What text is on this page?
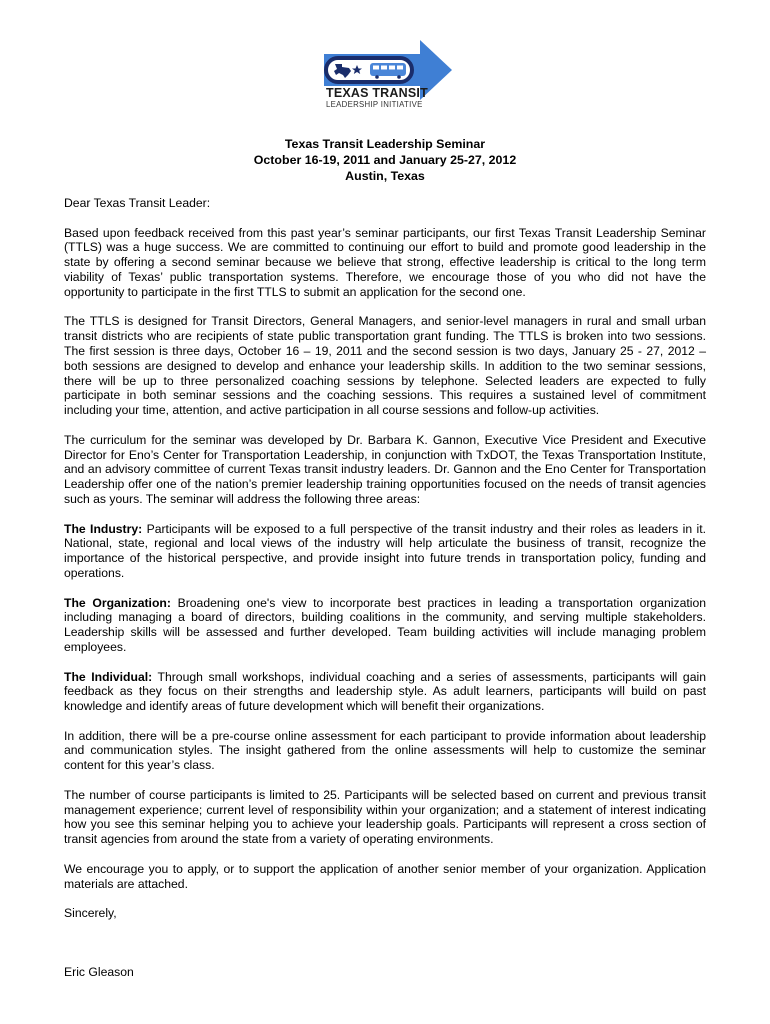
TEXAS TRANSIT
LEADERSHIP INITIATIVE
Texas Transit Leadership Seminar
October 16-19, 2011 and January 25-27, 2012
Austin, Texas

Dear Texas Transit Leader:

Based upon feedback received from this past year’s seminar participants, our first Texas Transit Leadership Seminar (TTLS) was a huge success. We are committed to continuing our effort to build and promote good leadership in the state by offering a second seminar because we believe that strong, effective leadership is critical to the long term viability of Texas’ public transportation systems. Therefore, we encourage those of you who did not have the opportunity to participate in the first TTLS to submit an application for the second one.

The TTLS is designed for Transit Directors, General Managers, and senior-level managers in rural and small urban transit districts who are recipients of state public transportation grant funding. The TTLS is broken into two sessions. The first session is three days, October 16 – 19, 2011 and the second session is two days, January 25 - 27, 2012 – both sessions are designed to develop and enhance your leadership skills. In addition to the two seminar sessions, there will be up to three personalized coaching sessions by telephone. Selected leaders are expected to fully participate in both seminar sessions and the coaching sessions. This requires a sustained level of commitment including your time, attention, and active participation in all course sessions and follow-up activities.

The curriculum for the seminar was developed by Dr. Barbara K. Gannon, Executive Vice President and Executive Director for Eno’s Center for Transportation Leadership, in conjunction with TxDOT, the Texas Transportation Institute, and an advisory committee of current Texas transit industry leaders. Dr. Gannon and the Eno Center for Transportation Leadership offer one of the nation’s premier leadership training opportunities focused on the needs of transit agencies such as yours. The seminar will address the following three areas:

The Industry: Participants will be exposed to a full perspective of the transit industry and their roles as leaders in it. National, state, regional and local views of the industry will help articulate the business of transit, recognize the importance of the historical perspective, and provide insight into future trends in transportation policy, funding and operations.

The Organization: Broadening one's view to incorporate best practices in leading a transportation organization including managing a board of directors, building coalitions in the community, and serving multiple stakeholders. Leadership skills will be assessed and further developed. Team building activities will include managing problem employees.

The Individual: Through small workshops, individual coaching and a series of assessments, participants will gain feedback as they focus on their strengths and leadership style. As adult learners, participants will build on past knowledge and identify areas of future development which will benefit their organizations.

In addition, there will be a pre-course online assessment for each participant to provide information about leadership and communication styles. The insight gathered from the online assessments will help to customize the seminar content for this year’s class.

The number of course participants is limited to 25. Participants will be selected based on current and previous transit management experience; current level of responsibility within your organization; and a statement of interest indicating how you see this seminar helping you to achieve your leadership goals. Participants will represent a cross section of transit agencies from around the state from a variety of operating environments.

We encourage you to apply, or to support the application of another senior member of your organization. Application materials are attached.

Sincerely,

Eric Gleason
